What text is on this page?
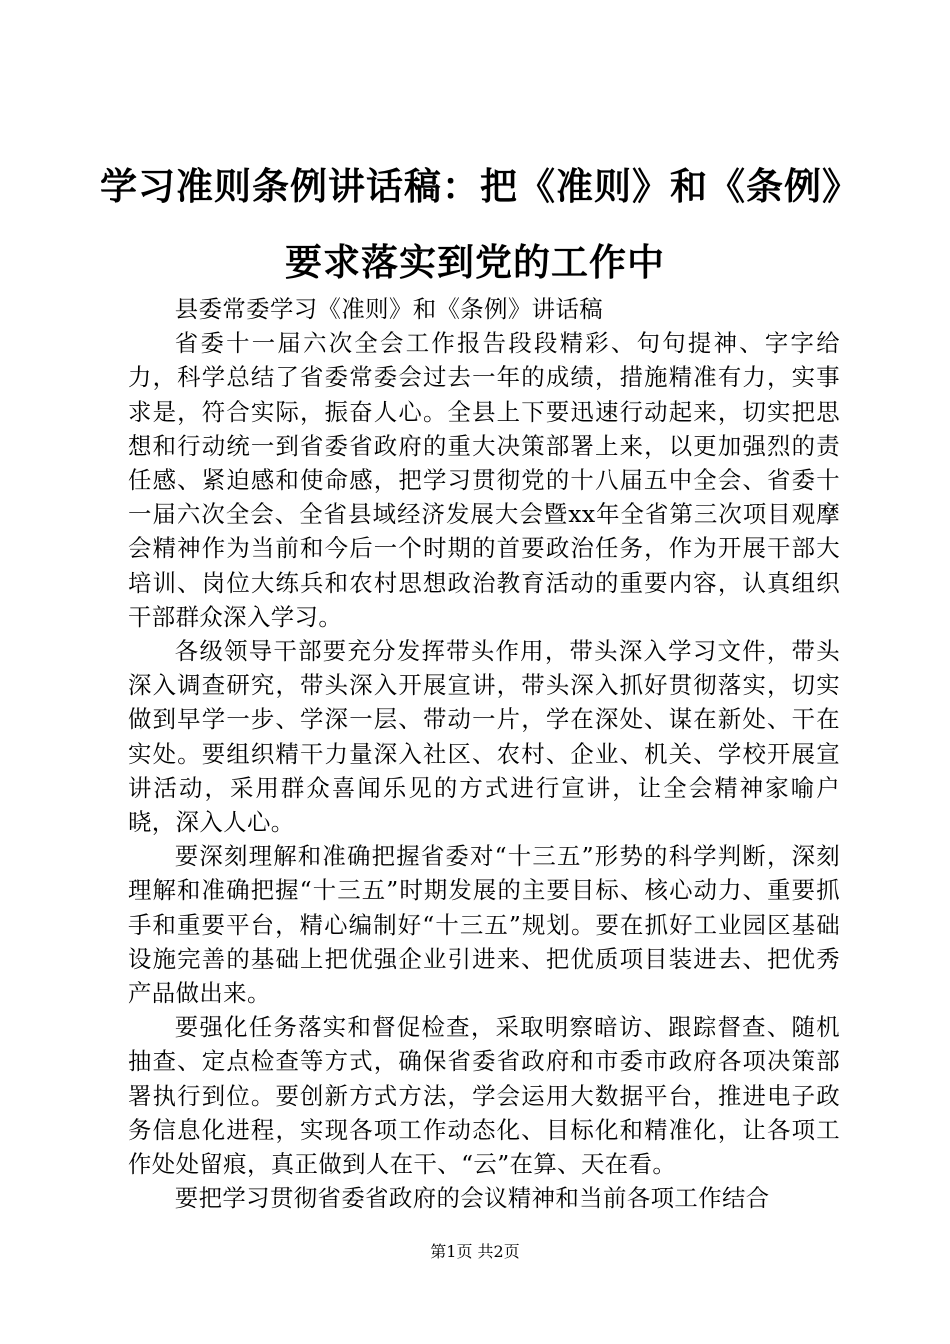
学习准则条例讲话稿：把《准则》和《条例》
要求落实到党的工作中

县委常委学习《准则》和《条例》讲话稿

省委十一届六次全会工作报告段段精彩、句句提神、字字给力，科学总结了省委常委会过去一年的成绩，措施精准有力，实事求是，符合实际，振奋人心。全县上下要迅速行动起来，切实把思想和行动统一到省委省政府的重大决策部署上来，以更加强烈的责任感、紧迫感和使命感，把学习贯彻党的十八届五中全会、省委十一届六次全会、全省县域经济发展大会暨xx年全省第三次项目观摩会精神作为当前和今后一个时期的首要政治任务，作为开展干部大培训、岗位大练兵和农村思想政治教育活动的重要内容，认真组织干部群众深入学习。

各级领导干部要充分发挥带头作用，带头深入学习文件，带头深入调查研究，带头深入开展宣讲，带头深入抓好贯彻落实，切实做到早学一步、学深一层、带动一片，学在深处、谋在新处、干在实处。要组织精干力量深入社区、农村、企业、机关、学校开展宣讲活动，采用群众喜闻乐见的方式进行宣讲，让全会精神家喻户晓，深入人心。

要深刻理解和准确把握省委对“十三五”形势的科学判断，深刻理解和准确把握“十三五”时期发展的主要目标、核心动力、重要抓手和重要平台，精心编制好“十三五”规划。要在抓好工业园区基础设施完善的基础上把优强企业引进来、把优质项目装进去、把优秀产品做出来。

要强化任务落实和督促检查，采取明察暗访、跟踪督查、随机抽查、定点检查等方式，确保省委省政府和市委市政府各项决策部署执行到位。要创新方式方法，学会运用大数据平台，推进电子政务信息化进程，实现各项工作动态化、目标化和精准化，让各项工作处处留痕，真正做到人在干、“云”在算、天在看。

要把学习贯彻省委省政府的会议精神和当前各项工作结合

第1页 共2页
